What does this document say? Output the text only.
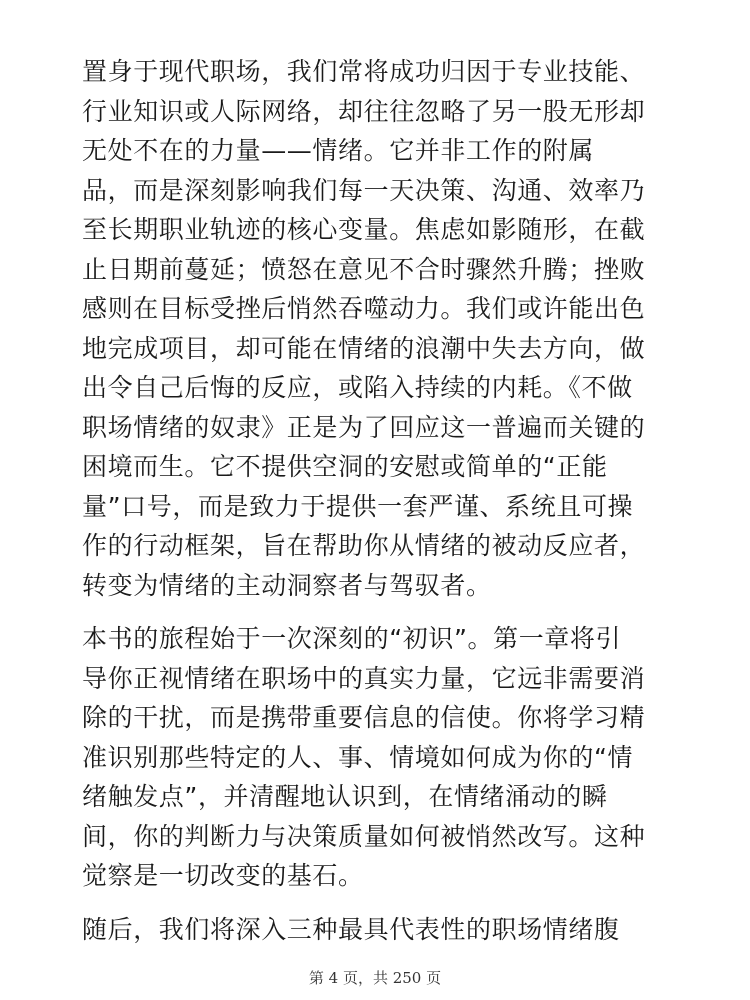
置身于现代职场，我们常将成功归因于专业技能、
行业知识或人际网络，却往往忽略了另一股无形却
无处不在的力量——情绪。它并非工作的附属
品，而是深刻影响我们每一天决策、沟通、效率乃
至长期职业轨迹的核心变量。焦虑如影随形，在截
止日期前蔓延；愤怒在意见不合时骤然升腾；挫败
感则在目标受挫后悄然吞噬动力。我们或许能出色
地完成项目，却可能在情绪的浪潮中失去方向，做
出令自己后悔的反应，或陷入持续的内耗。《不做
职场情绪的奴隶》正是为了回应这一普遍而关键的
困境而生。它不提供空洞的安慰或简单的“正能
量”口号，而是致力于提供一套严谨、系统且可操
作的行动框架，旨在帮助你从情绪的被动反应者，
转变为情绪的主动洞察者与驾驭者。
本书的旅程始于一次深刻的“初识”。第一章将引
导你正视情绪在职场中的真实力量，它远非需要消
除的干扰，而是携带重要信息的信使。你将学习精
准识别那些特定的人、事、情境如何成为你的“情
绪触发点”，并清醒地认识到，在情绪涌动的瞬
间，你的判断力与决策质量如何被悄然改写。这种
觉察是一切改变的基石。
随后，我们将深入三种最具代表性的职场情绪腹
第 4 页，共 250 页
